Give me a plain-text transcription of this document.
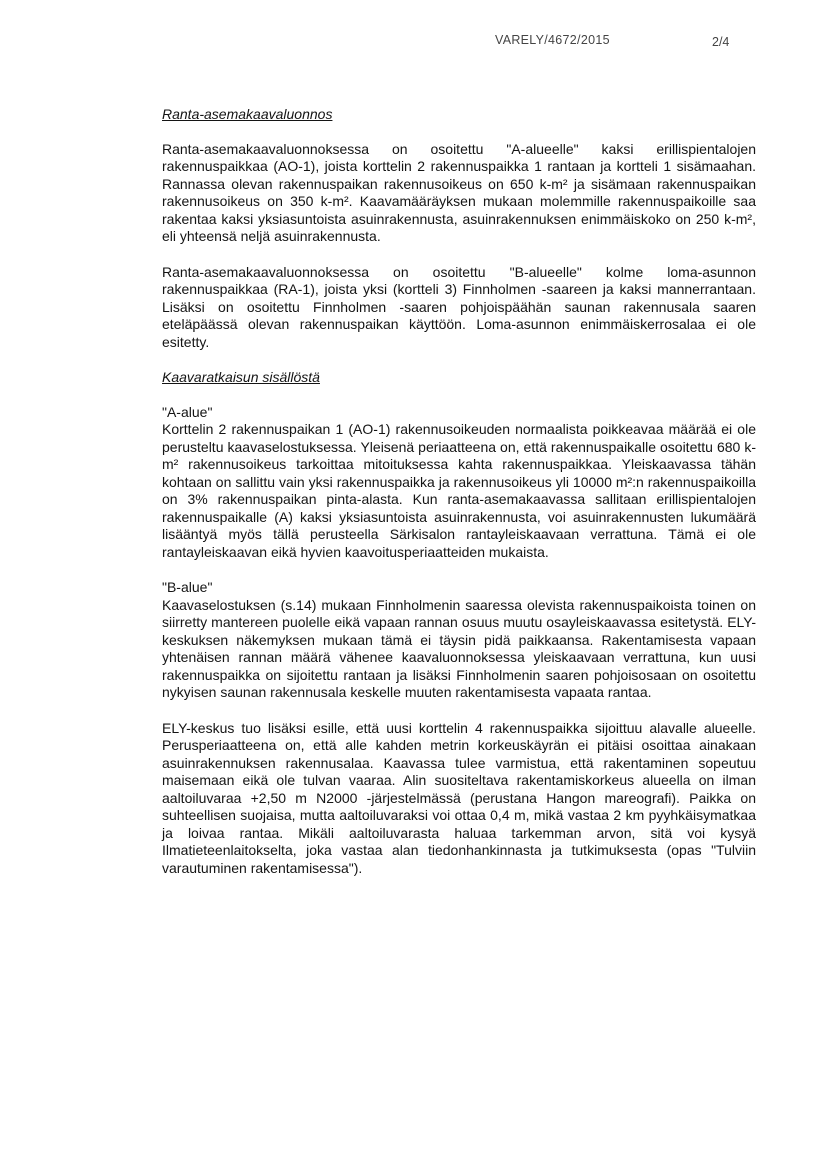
VARELY/4672/2015	2/4

Ranta-asemakaavaluonnos

Ranta-asemakaavaluonnoksessa on osoitettu "A-alueelle" kaksi erillispientalojen rakennuspaikkaa (AO-1), joista korttelin 2 rakennuspaikka 1 rantaan ja kortteli 1 sisämaahan. Rannassa olevan rakennuspaikan rakennusoikeus on 650 k-m² ja sisämaan rakennuspaikan rakennusoikeus on 350 k-m². Kaavamääräyksen mukaan molemmille rakennuspaikoille saa rakentaa kaksi yksiasuntoista asuinrakennusta, asuinrakennuksen enimmäiskoko on 250 k-m², eli yhteensä neljä asuinrakennusta.

Ranta-asemakaavaluonnoksessa on osoitettu "B-alueelle" kolme loma-asunnon rakennuspaikkaa (RA-1), joista yksi (kortteli 3) Finnholmen -saareen ja kaksi mannerrantaan. Lisäksi on osoitettu Finnholmen -saaren pohjoispäähän saunan rakennusala saaren eteläpäässä olevan rakennuspaikan käyttöön. Loma-asunnon enimmäiskerrosalaa ei ole esitetty.

Kaavaratkaisun sisällöstä

"A-alue"

Korttelin 2 rakennuspaikan 1 (AO-1) rakennusoikeuden normaalista poikkeavaa määrää ei ole perusteltu kaavaselostuksessa. Yleisenä periaatteena on, että rakennuspaikalle osoitettu 680 k-m² rakennusoikeus tarkoittaa mitoituksessa kahta rakennuspaikkaa. Yleiskaavassa tähän kohtaan on sallittu vain yksi rakennuspaikka ja rakennusoikeus yli 10000 m²:n rakennuspaikoilla on 3% rakennuspaikan pinta-alasta. Kun ranta-asemakaavassa sallitaan erillispientalojen rakennuspaikalle (A) kaksi yksiasuntoista asuinrakennusta, voi asuinrakennusten lukumäärä lisääntyä myös tällä perusteella Särkisalon rantayleiskaavaan verrattuna. Tämä ei ole rantayleiskaavan eikä hyvien kaavoitusperiaatteiden mukaista.

"B-alue"

Kaavaselostuksen (s.14) mukaan Finnholmenin saaressa olevista rakennuspaikoista toinen on siirretty mantereen puolelle eikä vapaan rannan osuus muutu osayleiskaavassa esitetystä. ELY-keskuksen näkemyksen mukaan tämä ei täysin pidä paikkaansa. Rakentamisesta vapaan yhtenäisen rannan määrä vähenee kaavaluonnoksessa yleiskaavaan verrattuna, kun uusi rakennuspaikka on sijoitettu rantaan ja lisäksi Finnholmenin saaren pohjoisosaan on osoitettu nykyisen saunan rakennusala keskelle muuten rakentamisesta vapaata rantaa.

ELY-keskus tuo lisäksi esille, että uusi korttelin 4 rakennuspaikka sijoittuu alavalle alueelle. Perusperiaatteena on, että alle kahden metrin korkeuskäyrän ei pitäisi osoittaa ainakaan asuinrakennuksen rakennusalaa. Kaavassa tulee varmistua, että rakentaminen sopeutuu maisemaan eikä ole tulvan vaaraa. Alin suositeltava rakentamiskorkeus alueella on ilman aaltoiluvaraa +2,50 m N2000 -järjestelmässä (perustana Hangon mareografi). Paikka on suhteellisen suojaisa, mutta aaltoiluvaraksi voi ottaa 0,4 m, mikä vastaa 2 km pyyhkäisymatkaa ja loivaa rantaa. Mikäli aaltoiluvarasta haluaa tarkemman arvon, sitä voi kysyä Ilmatieteenlaitokselta, joka vastaa alan tiedonhankinnasta ja tutkimuksesta (opas "Tulviin varautuminen rakentamisessa").
